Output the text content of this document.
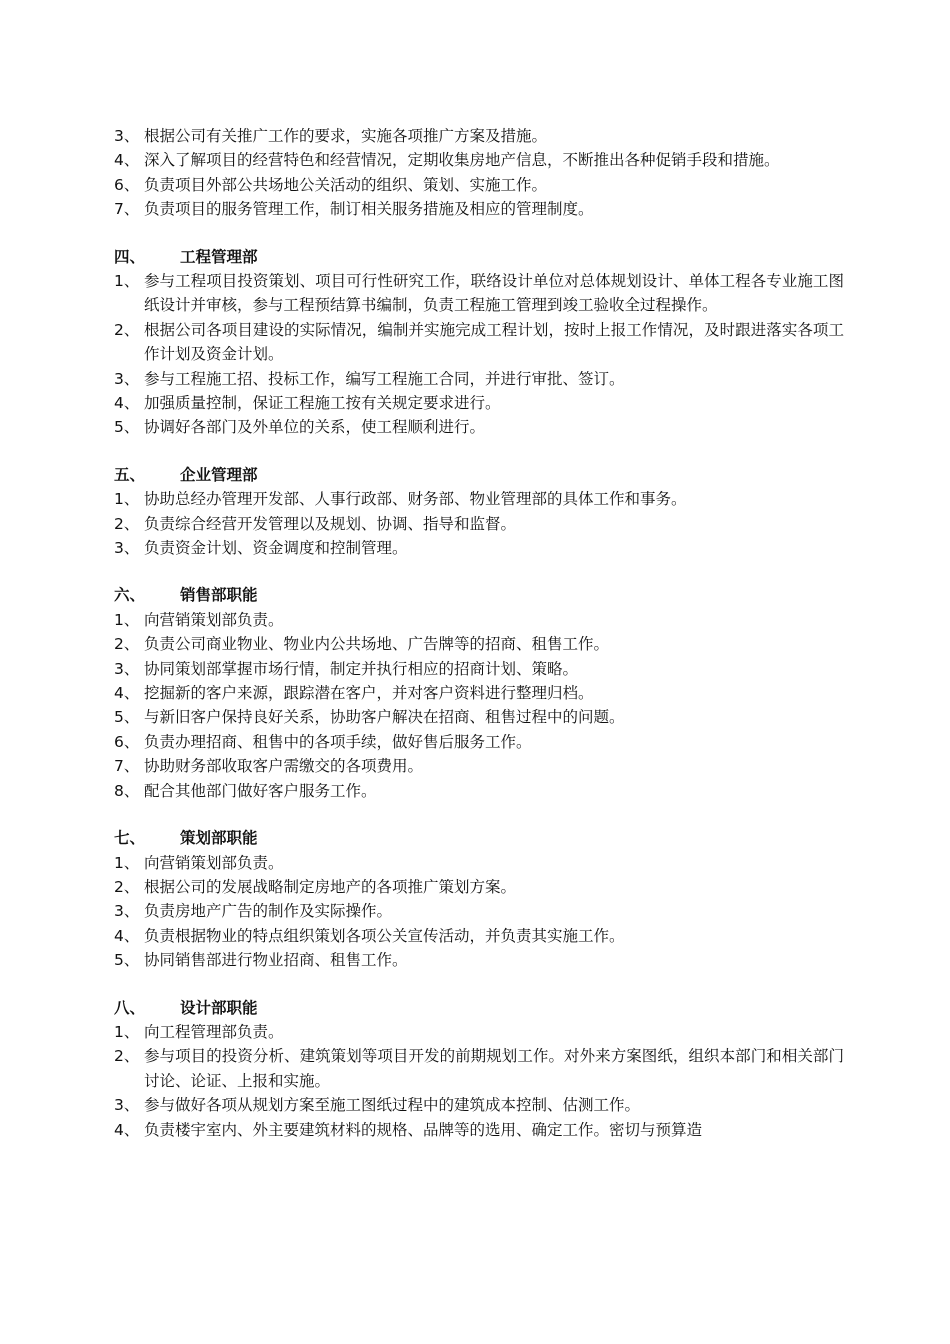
3、 根据公司有关推广工作的要求，实施各项推广方案及措施。
4、 深入了解项目的经营特色和经营情况，定期收集房地产信息，不断推出各种促销手段和措施。
6、 负责项目外部公共场地公关活动的组织、策划、实施工作。
7、 负责项目的服务管理工作，制订相关服务措施及相应的管理制度。
四、 工程管理部
1、 参与工程项目投资策划、项目可行性研究工作，联络设计单位对总体规划设计、单体工程各专业施工图纸设计并审核，参与工程预结算书编制，负责工程施工管理到竣工验收全过程操作。
2、 根据公司各项目建设的实际情况，编制并实施完成工程计划，按时上报工作情况，及时跟进落实各项工作计划及资金计划。
3、 参与工程施工招、投标工作，编写工程施工合同，并进行审批、签订。
4、 加强质量控制，保证工程施工按有关规定要求进行。
5、 协调好各部门及外单位的关系，使工程顺利进行。
五、 企业管理部
1、 协助总经办管理开发部、人事行政部、财务部、物业管理部的具体工作和事务。
2、 负责综合经营开发管理以及规划、协调、指导和监督。
3、 负责资金计划、资金调度和控制管理。
六、 销售部职能
1、 向营销策划部负责。
2、 负责公司商业物业、物业内公共场地、广告牌等的招商、租售工作。
3、 协同策划部掌握市场行情，制定并执行相应的招商计划、策略。
4、 挖掘新的客户来源，跟踪潜在客户，并对客户资料进行整理归档。
5、 与新旧客户保持良好关系，协助客户解决在招商、租售过程中的问题。
6、 负责办理招商、租售中的各项手续，做好售后服务工作。
7、 协助财务部收取客户需缴交的各项费用。
8、 配合其他部门做好客户服务工作。
七、 策划部职能
1、 向营销策划部负责。
2、 根据公司的发展战略制定房地产的各项推广策划方案。
3、 负责房地产广告的制作及实际操作。
4、 负责根据物业的特点组织策划各项公关宣传活动，并负责其实施工作。
5、 协同销售部进行物业招商、租售工作。
八、 设计部职能
1、 向工程管理部负责。
2、 参与项目的投资分析、建筑策划等项目开发的前期规划工作。对外来方案图纸，组织本部门和相关部门讨论、论证、上报和实施。
3、 参与做好各项从规划方案至施工图纸过程中的建筑成本控制、估测工作。
4、 负责楼宇室内、外主要建筑材料的规格、品牌等的选用、确定工作。密切与预算造
